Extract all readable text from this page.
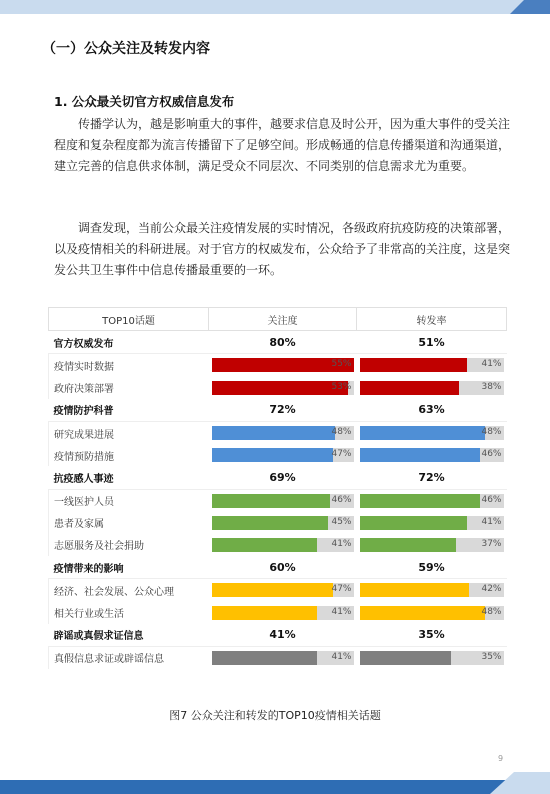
（一）公众关注及转发内容
1. 公众最关切官方权威信息发布

传播学认为，越是影响重大的事件，越要求信息及时公开，因为重大事件的受关注程度和复杂程度都为流言传播留下了足够空间。形成畅通的信息传播渠道和沟通渠道，建立完善的信息供求体制，满足受众不同层次、不同类别的信息需求尤为重要。

调查发现，当前公众最关注疫情发展的实时情况，各级政府抗疫防疫的决策部署，以及疫情相关的科研进展。对于官方的权威发布，公众给予了非常高的关注度，这是突发公共卫生事件中信息传播最重要的一环。

TOP10话题	关注度	转发率
官方权威发布	80%	51%
疫情实时数据	55%	41%

政府决策部署	53%	38%

疫情防护科普	72%	63%
研究成果进展	48%	48%

疫情预防措施	47%	46%

抗疫感人事迹	69%	72%
一线医护人员	46%	46%

患者及家属	45%	41%

志愿服务及社会捐助	41%	37%

疫情带来的影响	60%	59%
经济、社会发展、公众心理	47%	42%

相关行业或生活	41%	48%

辟谣或真假求证信息	41%	35%
真假信息求证或辟谣信息	41%	35%
图7 公众关注和转发的TOP10疫情相关话题
9
